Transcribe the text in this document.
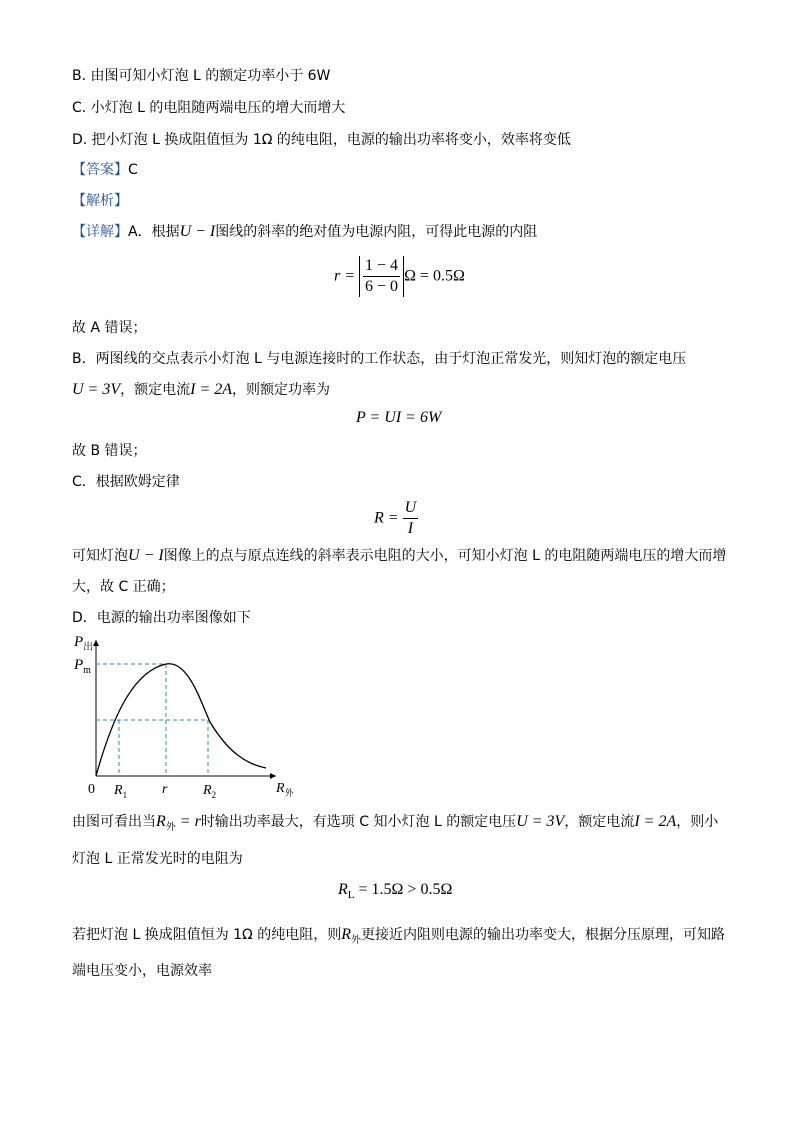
B. 由图可知小灯泡 L 的额定功率小于 6W
C. 小灯泡 L 的电阻随两端电压的增大而增大
D. 把小灯泡 L 换成阻值恒为 1Ω 的纯电阻，电源的输出功率将变小，效率将变低
【答案】C
【解析】
【详解】A．根据U − I图线的斜率的绝对值为电源内阻，可得此电源的内阻
$r = \frac{1 - 4}{6 - 0}$ Ω = 0.5Ω
故 A 错误；
B．两图线的交点表示小灯泡 L 与电源连接时的工作状态，由于灯泡正常发光，则知灯泡的额定电压
U = 3V，额定电流I = 2A，则额定功率为
P = UI = 6W
故 B 错误；
C．根据欧姆定律
$R = \frac{U}{I}$
可知灯泡U − I图像上的点与原点连线的斜率表示电阻的大小，可知小灯泡 L 的电阻随两端电压的增大而增
大，故 C 正确；
D．电源的输出功率图像如下
$P_出$
$P_m$
0 $R_1$ r	$R_2$	$R_外$
由图可看出当$R_外 = r$时输出功率最大，有选项 C 知小灯泡 L 的额定电压U = 3V，额定电流I = 2A，则小
灯泡 L 正常发光时的电阻为
$R_L = 1.5\Omega > 0.5\Omega$
若把灯泡 L 换成阻值恒为 1Ω 的纯电阻，则$R_外$更接近内阻则电源的输出功率变大，根据分压原理，可知路
端电压变小，电源效率
